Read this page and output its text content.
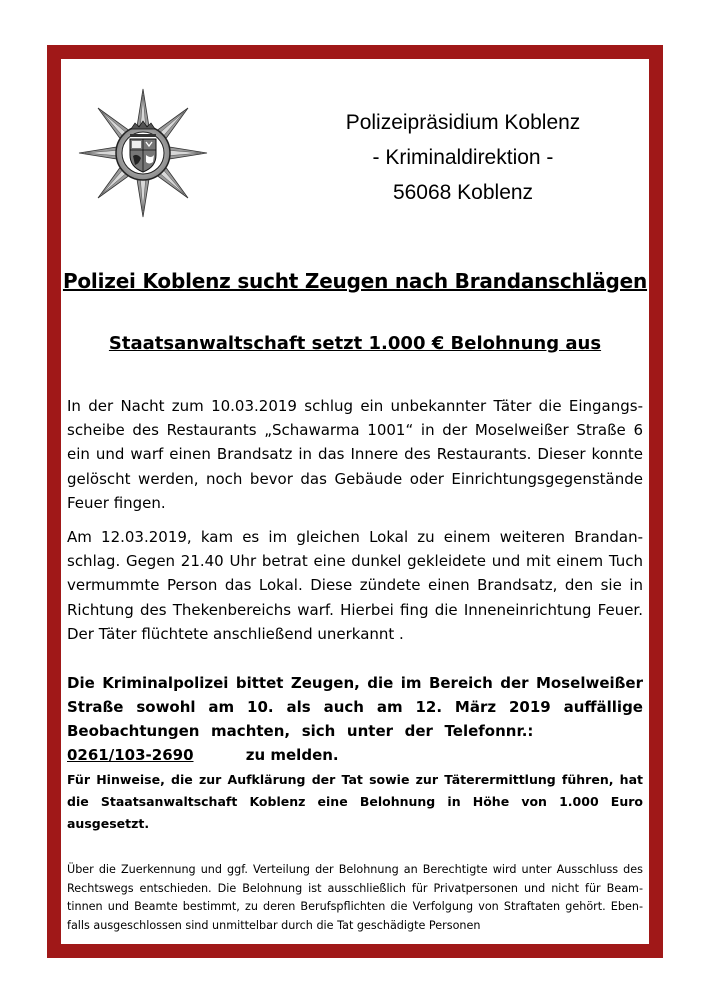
Polizeipräsidium Koblenz
- Kriminaldirektion -
56068 Koblenz
Polizei Koblenz sucht Zeugen nach Brandanschlägen
Staatsanwaltschaft setzt 1.000 € Belohnung aus
In der Nacht zum 10.03.2019 schlug ein unbekannter Täter die Eingangsscheibe des Restaurants „Schawarma 1001“ in der Moselweißer Straße 6 ein und warf einen Brandsatz in das Innere des Restaurants. Dieser konnte gelöscht werden, noch bevor das Gebäude oder Einrichtungsgegenstände Feuer fingen.
Am 12.03.2019, kam es im gleichen Lokal zu einem weiteren Brandanschlag. Gegen 21.40 Uhr betrat eine dunkel gekleidete und mit einem Tuch vermummte Person das Lokal. Diese zündete einen Brandsatz, den sie in Richtung des Thekenbereichs warf. Hierbei fing die Inneneinrichtung Feuer. Der Täter flüchtete anschließend unerkannt .
Die Kriminalpolizei bittet Zeugen, die im Bereich der Moselweißer Straße sowohl am 10. als auch am 12. März 2019 auffällige Beobachtungen machten, sich unter der Telefonnr.:           0261/103-2690	zu melden.
Für Hinweise, die zur Aufklärung der Tat sowie zur Täterermittlung führen, hat die Staatsanwaltschaft Koblenz eine Belohnung in Höhe von 1.000 Euro ausgesetzt.
Über die Zuerkennung und ggf. Verteilung der Belohnung an Berechtigte wird unter Ausschluss des Rechtswegs entschieden. Die Belohnung ist ausschließlich für Privatpersonen und nicht für Beamtinnen und Beamte bestimmt, zu deren Berufspflichten die Verfolgung von Straftaten gehört. Ebenfalls ausgeschlossen sind unmittelbar durch die Tat geschädigte Personen
